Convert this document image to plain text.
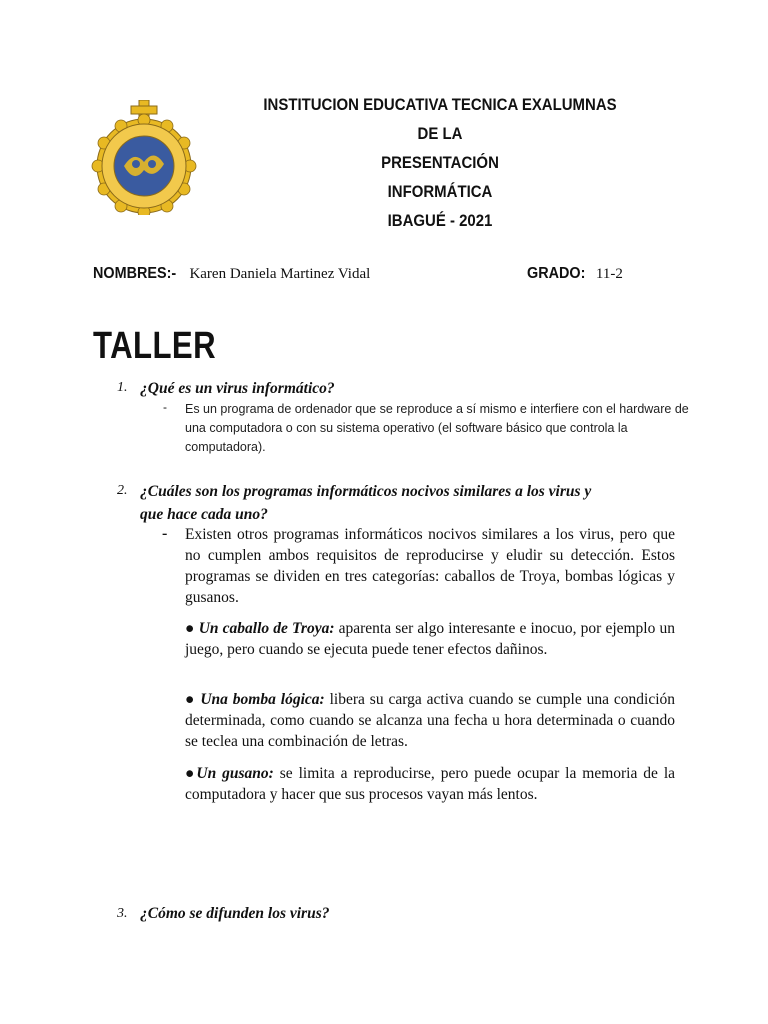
INSTITUCION EDUCATIVA TECNICA EXALUMNAS DE LA
PRESENTACIÓN
INFORMÁTICA
IBAGUÉ - 2021
NOMBRES:- Karen Daniela Martinez Vidal	GRADO: 11-2
TALLER
1. ¿Qué es un virus informático?
- Es un programa de ordenador que se reproduce a sí mismo e interfiere con el hardware de una computadora o con su sistema operativo (el software básico que controla la computadora).
2. ¿Cuáles son los programas informáticos nocivos similares a los virus y
que hace cada uno?
- Existen otros programas informáticos nocivos similares a los virus, pero que no cumplen ambos requisitos de reproducirse y eludir su detección. Estos programas se dividen en tres categorías: caballos de Troya, bombas lógicas y gusanos.
● Un caballo de Troya: aparenta ser algo interesante e inocuo, por ejemplo un juego, pero cuando se ejecuta puede tener efectos dañinos.
● Una bomba lógica: libera su carga activa cuando se cumple una condición determinada, como cuando se alcanza una fecha u hora determinada o cuando se teclea una combinación de letras.
●Un gusano: se limita a reproducirse, pero puede ocupar la memoria de la computadora y hacer que sus procesos vayan más lentos.
3. ¿Cómo se difunden los virus?
